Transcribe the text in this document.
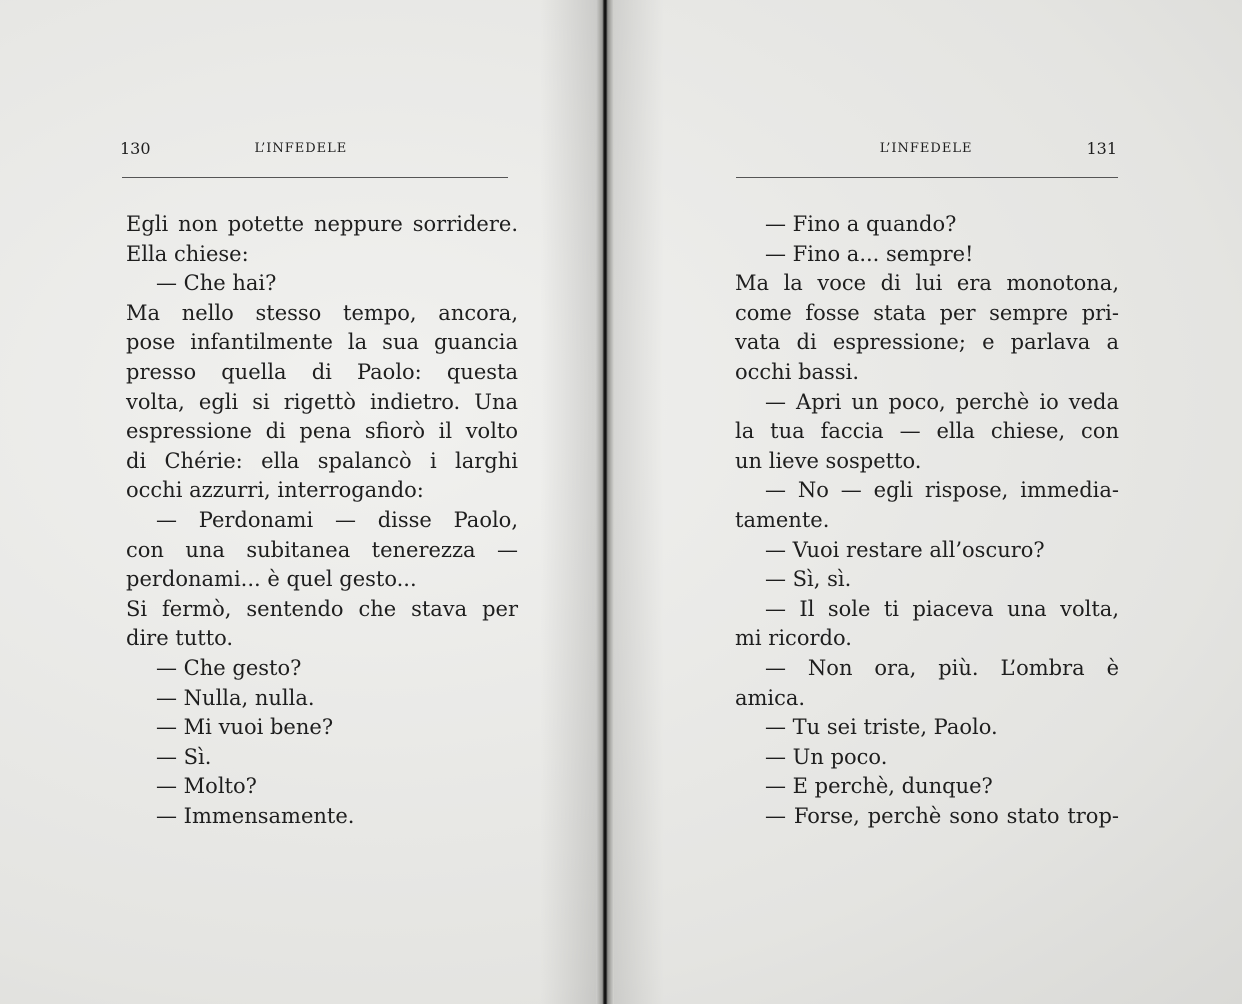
130	L’INFEDELE
Egli non potette neppure sorridere.
Ella chiese:
— Che hai?
Ma nello stesso tempo, ancora,
pose infantilmente la sua guancia
presso quella di Paolo: questa
volta, egli si rigettò indietro. Una
espressione di pena sfiorò il volto
di Chérie: ella spalancò i larghi
occhi azzurri, interrogando:
— Perdonami — disse Paolo,
con una subitanea tenerezza —
perdonami... è quel gesto...
Si fermò, sentendo che stava per
dire tutto.
— Che gesto?
— Nulla, nulla.
— Mi vuoi bene?
— Sì.
— Molto?
— Immensamente.
L’INFEDELE	131
— Fino a quando?
— Fino a... sempre!
Ma la voce di lui era monotona,
come fosse stata per sempre pri-
vata di espressione; e parlava a
occhi bassi.
— Apri un poco, perchè io veda
la tua faccia — ella chiese, con
un lieve sospetto.
— No — egli rispose, immedia-
tamente.
— Vuoi restare all’oscuro?
— Sì, sì.
— Il sole ti piaceva una volta,
mi ricordo.
— Non ora, più. L’ombra è
amica.
— Tu sei triste, Paolo.
— Un poco.
— E perchè, dunque?
— Forse, perchè sono stato trop-
